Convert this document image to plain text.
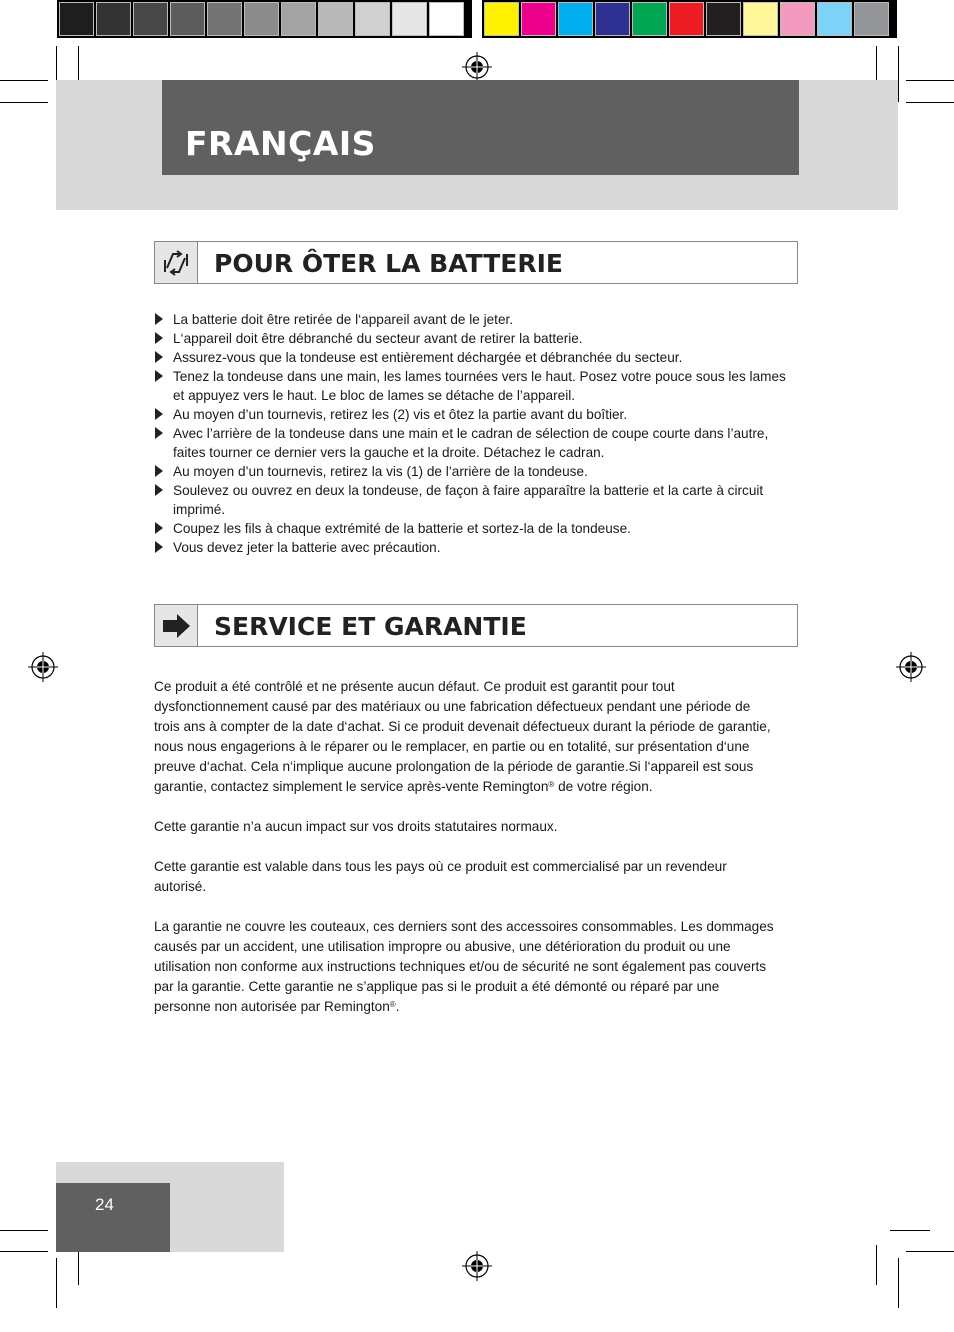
FRANÇAIS
POUR ÔTER LA BATTERIE
La batterie doit être retirée de l‘appareil avant de le jeter.
L‘appareil doit être débranché du secteur avant de retirer la batterie.
Assurez-vous que la tondeuse est entièrement déchargée et débranchée du secteur.
Tenez la tondeuse dans une main, les lames tournées vers le haut. Posez votre pouce sous les lames et appuyez vers le haut. Le bloc de lames se détache de l’appareil.
Au moyen d’un tournevis, retirez les (2) vis et ôtez la partie avant du boîtier.
Avec l’arrière de la tondeuse dans une main et le cadran de sélection de coupe courte dans l’autre, faites tourner ce dernier vers la gauche et la droite. Détachez le cadran.
Au moyen d’un tournevis, retirez la vis (1) de l’arrière de la tondeuse.
Soulevez ou ouvrez en deux la tondeuse, de façon à faire apparaître la batterie et la carte à circuit imprimé.
Coupez les fils à chaque extrémité de la batterie et sortez-la de la tondeuse.
Vous devez jeter la batterie avec précaution.
SERVICE ET GARANTIE

Ce produit a été contrôlé et ne présente aucun défaut. Ce produit est garantit pour tout dysfonctionnement causé par des matériaux ou une fabrication défectueux pendant une période de trois ans à compter de la date d‘achat. Si ce produit devenait défectueux durant la période de garantie, nous nous engagerions à le réparer ou le remplacer, en partie ou en totalité, sur présentation d‘une preuve d‘achat. Cela n‘implique aucune prolongation de la période de garantie.Si l‘appareil est sous garantie, contactez simplement le service après-vente Remington® de votre région.

Cette garantie n’a aucun impact sur vos droits statutaires normaux.

Cette garantie est valable dans tous les pays où ce produit est commercialisé par un revendeur autorisé.

La garantie ne couvre les couteaux, ces derniers sont des accessoires consommables. Les dommages causés par un accident, une utilisation impropre ou abusive, une détérioration du produit ou une utilisation non conforme aux instructions techniques et/ou de sécurité ne sont également pas couverts par la garantie. Cette garantie ne s’applique pas si le produit a été démonté ou réparé par une personne non autorisée par Remington®.

24
